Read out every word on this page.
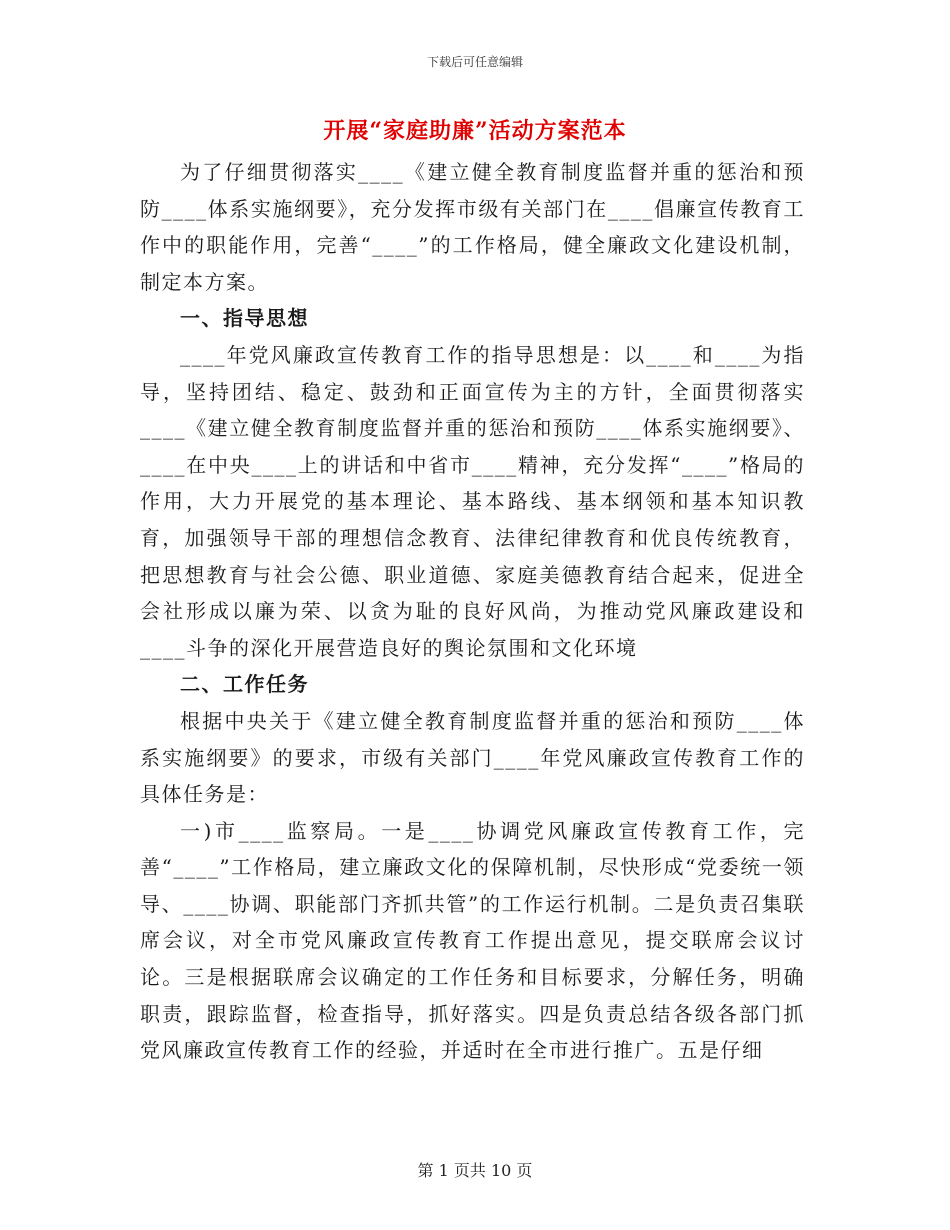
下载后可任意编辑
开展“家庭助廉”活动方案范本

为了仔细贯彻落实____《建立健全教育制度监督并重的惩治和预防____体系实施纲要》，充分发挥市级有关部门在____倡廉宣传教育工作中的职能作用，完善“____”的工作格局，健全廉政文化建设机制，制定本方案。

一、指导思想

____年党风廉政宣传教育工作的指导思想是：以____和____为指导，坚持团结、稳定、鼓劲和正面宣传为主的方针，全面贯彻落实____《建立健全教育制度监督并重的惩治和预防____体系实施纲要》、____在中央____上的讲话和中省市____精神，充分发挥“____”格局的作用，大力开展党的基本理论、基本路线、基本纲领和基本知识教育，加强领导干部的理想信念教育、法律纪律教育和优良传统教育，把思想教育与社会公德、职业道德、家庭美德教育结合起来，促进全会社形成以廉为荣、以贪为耻的良好风尚，为推动党风廉政建设和____斗争的深化开展营造良好的舆论氛围和文化环境

二、工作任务

根据中央关于《建立健全教育制度监督并重的惩治和预防____体系实施纲要》的要求，市级有关部门____年党风廉政宣传教育工作的具体任务是：

一)市____监察局。一是____协调党风廉政宣传教育工作，完善“____”工作格局，建立廉政文化的保障机制，尽快形成“党委统一领导、____协调、职能部门齐抓共管”的工作运行机制。二是负责召集联席会议，对全市党风廉政宣传教育工作提出意见，提交联席会议讨论。三是根据联席会议确定的工作任务和目标要求，分解任务，明确职责，跟踪监督，检查指导，抓好落实。四是负责总结各级各部门抓党风廉政宣传教育工作的经验，并适时在全市进行推广。五是仔细

第 1 页共 10 页
